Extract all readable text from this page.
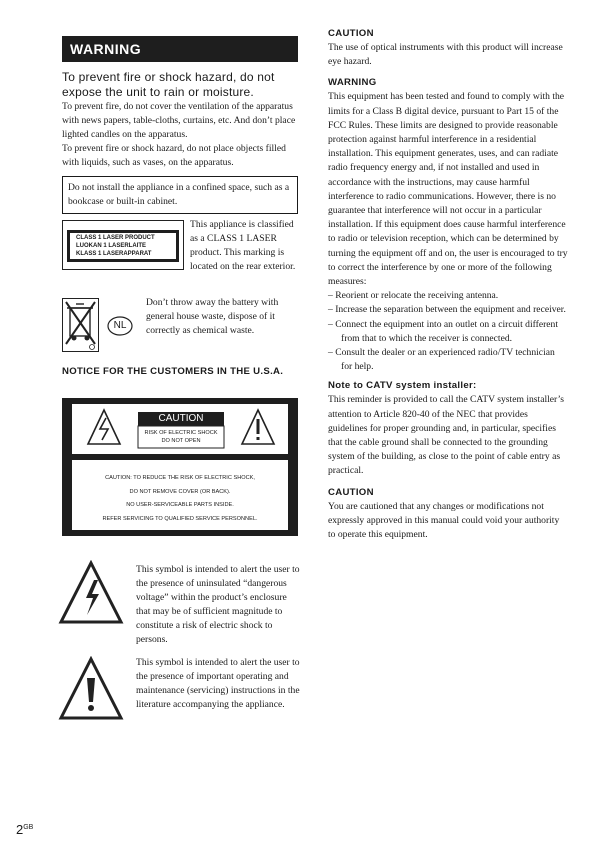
WARNING
To prevent fire or shock hazard, do not expose the unit to rain or moisture.
To prevent fire, do not cover the ventilation of the apparatus with news papers, table-cloths, curtains, etc. And don’t place lighted candles on the apparatus.
To prevent fire or shock hazard, do not place objects filled with liquids, such as vases, on the apparatus.
Do not install the appliance in a confined space, such as a bookcase or built-in cabinet.
CLASS 1 LASER PRODUCT
LUOKAN 1 LASERLAITE
KLASS 1 LASERAPPARAT
This appliance is classified as a CLASS 1 LASER product. This marking is located on the rear exterior.
NL
Don’t throw away the battery with general house waste, dispose of it correctly as chemical waste.
NOTICE FOR THE CUSTOMERS IN THE U.S.A.
CAUTION
RISK OF ELECTRIC SHOCK
DO NOT OPEN
CAUTION: TO REDUCE THE RISK OF ELECTRIC SHOCK,
DO NOT REMOVE COVER (OR BACK).
NO USER-SERVICEABLE PARTS INSIDE.
REFER SERVICING TO QUALIFIED SERVICE PERSONNEL.
This symbol is intended to alert the user to the presence of uninsulated “dangerous voltage” within the product’s enclosure that may be of sufficient magnitude to constitute a risk of electric shock to persons.
This symbol is intended to alert the user to the presence of important operating and maintenance (servicing) instructions in the literature accompanying the appliance.
CAUTION

The use of optical instruments with this product will increase eye hazard.

WARNING

This equipment has been tested and found to comply with the limits for a Class B digital device, pursuant to Part 15 of the FCC Rules. These limits are designed to provide reasonable protection against harmful interference in a residential installation. This equipment generates, uses, and can radiate radio frequency energy and, if not installed and used in accordance with the instructions, may cause harmful interference to radio communications. However, there is no guarantee that interference will not occur in a particular installation. If this equipment does cause harmful interference to radio or television reception, which can be determined by turning the equipment off and on, the user is encouraged to try to correct the interference by one or more of the following measures:

– Reorient or relocate the receiving antenna.
– Increase the separation between the equipment and receiver.
– Connect the equipment into an outlet on a circuit different from that to which the receiver is connected.
– Consult the dealer or an experienced radio/TV technician for help.
Note to CATV system installer:

This reminder is provided to call the CATV system installer’s attention to Article 820-40 of the NEC that provides guidelines for proper grounding and, in particular, specifies that the cable ground shall be connected to the grounding system of the building, as close to the point of cable entry as practical.

CAUTION

You are cautioned that any changes or modifications not expressly approved in this manual could void your authority to operate this equipment.

$2^{GB}$
